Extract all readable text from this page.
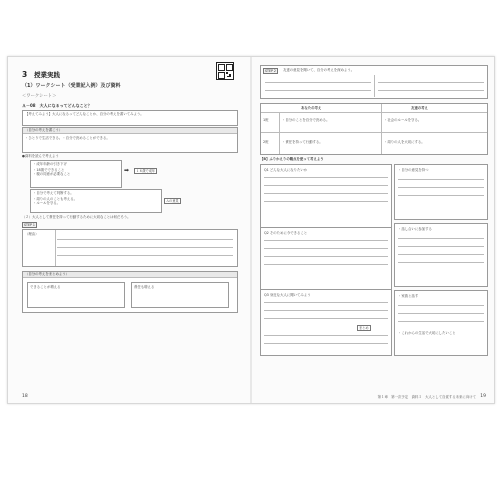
3 授業実践
（1）ワークシート（受業記入例）及び資料
＜ワークシート＞
Ａ－08　大人になるってどんなこと？
【考えてみよう】大人になるってどんなことか、自分の考えを書いてみよう。
（自分の考えを書こう）
・ひとりで生活できる。・自分で決めることができる。
●資料を読んで考えよう
・成年年齢の引き下げ
・18歳でできること
・親の同意が必要なこと
➡	１８歳で成年
・自分で考えて判断する。
・周りの人のことも考える。
・ルールを守る。
Ａの意見
（２）大人として責任を持って行動するために大切なことは何だろう。
STEP 1
（理由）
（自分の考えをまとめよう）
できることが増える	責任も増える
18
STEP 2	友達の意見を聞いて、自分の考えを深めよう。
あなたの考え	友達の考え
1班	・自分のことを自分で決める。	・社会のルールを守る。
2班	・責任を持って行動する。	・周りの人を大切にする。
【B】ふりかえりの観点を使って考えよう
Q1 どんな大人になりたいか
Q2 そのために今できること
Q3 身近な大人に聞いてみよう
まとめ
・自分の意見を持つ
・話し合いに参加する
・家族と話す
・これからの生活で大切にしたいこと
第１章　第一次予定　資料１　大人として自覚する未来に向けて 19
